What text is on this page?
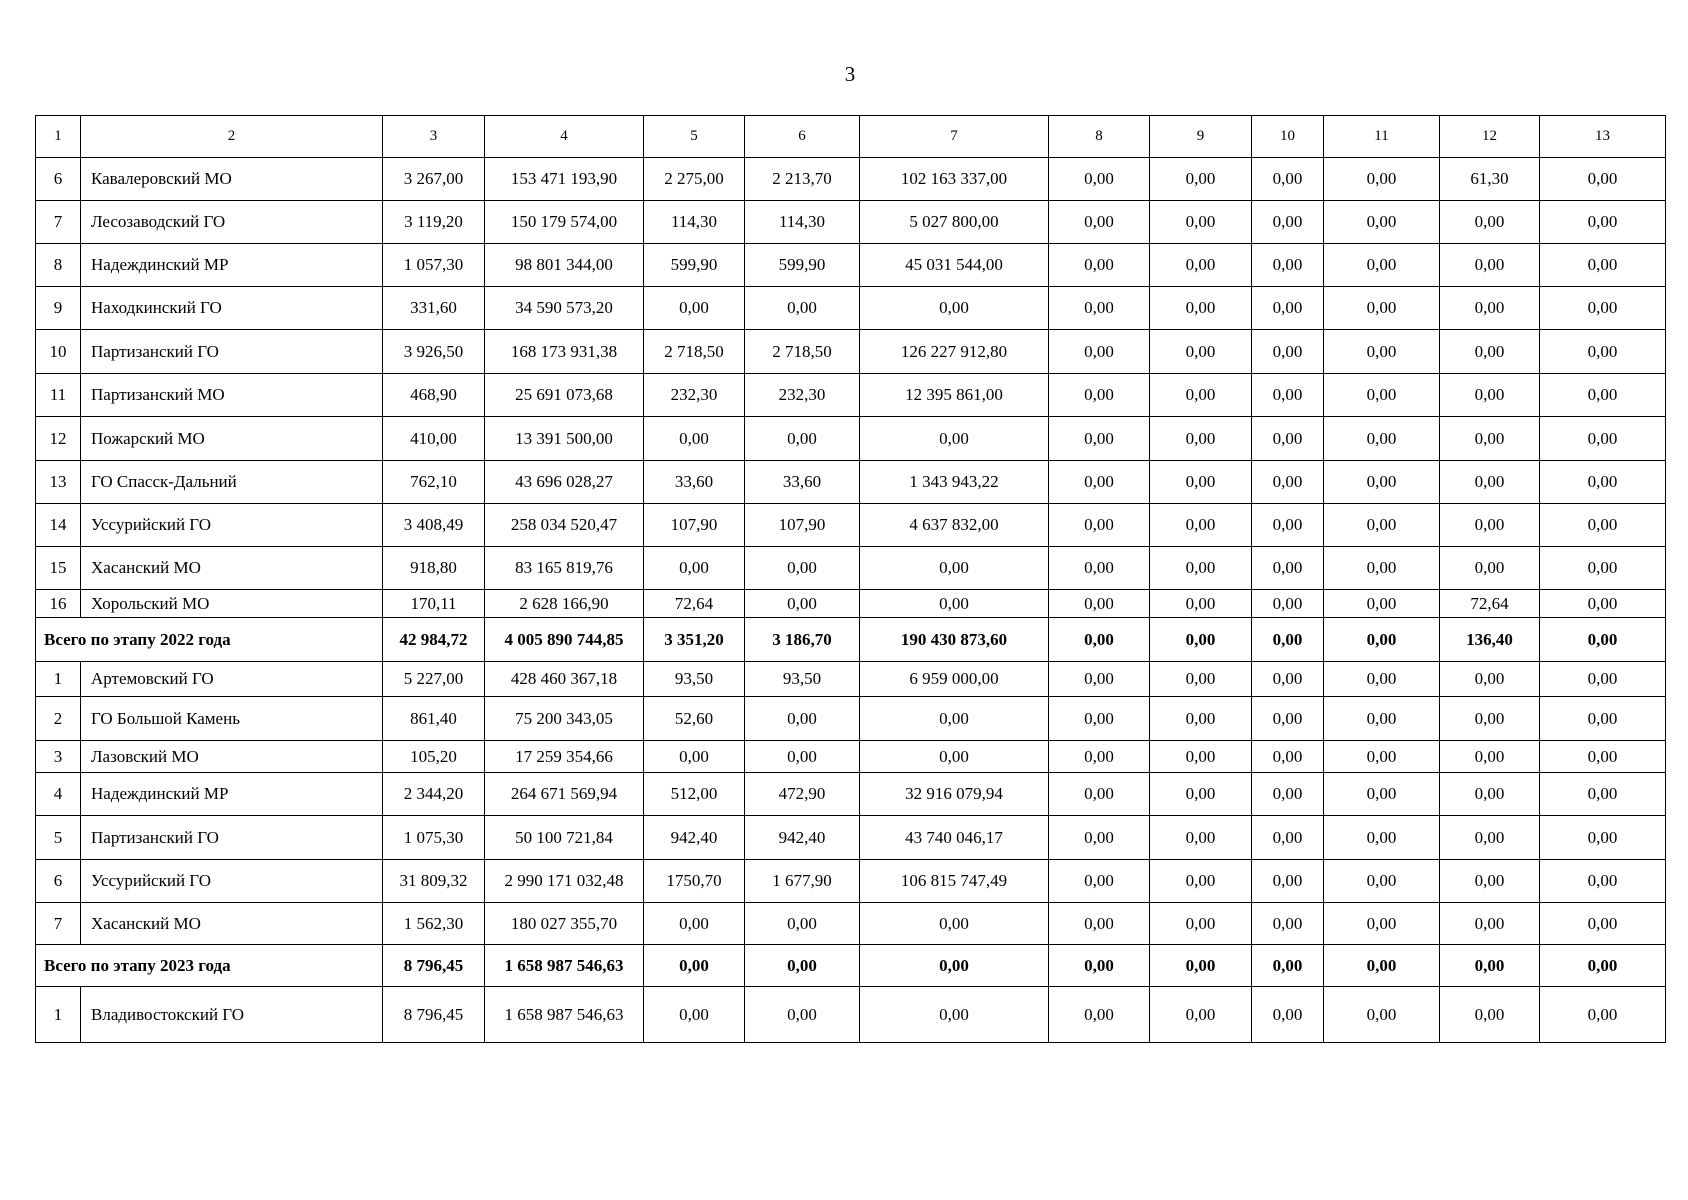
3
1	2	3	4	5	6	7	8	9	10	11	12	13
6	Кавалеровский МО	3 267,00	153 471 193,90	2 275,00	2 213,70	102 163 337,00	0,00	0,00	0,00	0,00	61,30	0,00
7	Лесозаводский ГО	3 119,20	150 179 574,00	114,30	114,30	5 027 800,00	0,00	0,00	0,00	0,00	0,00	0,00
8	Надеждинский МР	1 057,30	98 801 344,00	599,90	599,90	45 031 544,00	0,00	0,00	0,00	0,00	0,00	0,00
9	Находкинский ГО	331,60	34 590 573,20	0,00	0,00	0,00	0,00	0,00	0,00	0,00	0,00	0,00
10	Партизанский ГО	3 926,50	168 173 931,38	2 718,50	2 718,50	126 227 912,80	0,00	0,00	0,00	0,00	0,00	0,00
11	Партизанский МО	468,90	25 691 073,68	232,30	232,30	12 395 861,00	0,00	0,00	0,00	0,00	0,00	0,00
12	Пожарский МО	410,00	13 391 500,00	0,00	0,00	0,00	0,00	0,00	0,00	0,00	0,00	0,00
13	ГО Спасск-Дальний	762,10	43 696 028,27	33,60	33,60	1 343 943,22	0,00	0,00	0,00	0,00	0,00	0,00
14	Уссурийский ГО	3 408,49	258 034 520,47	107,90	107,90	4 637 832,00	0,00	0,00	0,00	0,00	0,00	0,00
15	Хасанский МО	918,80	83 165 819,76	0,00	0,00	0,00	0,00	0,00	0,00	0,00	0,00	0,00
16	Хорольский МО	170,11	2 628 166,90	72,64	0,00	0,00	0,00	0,00	0,00	0,00	72,64	0,00
Всего по этапу 2022 года		42 984,72	4 005 890 744,85	3 351,20	3 186,70	190 430 873,60	0,00	0,00	0,00	0,00	136,40	0,00
1	Артемовский ГО	5 227,00	428 460 367,18	93,50	93,50	6 959 000,00	0,00	0,00	0,00	0,00	0,00	0,00
2	ГО Большой Камень	861,40	75 200 343,05	52,60	0,00	0,00	0,00	0,00	0,00	0,00	0,00	0,00
3	Лазовский МО	105,20	17 259 354,66	0,00	0,00	0,00	0,00	0,00	0,00	0,00	0,00	0,00
4	Надеждинский МР	2 344,20	264 671 569,94	512,00	472,90	32 916 079,94	0,00	0,00	0,00	0,00	0,00	0,00
5	Партизанский ГО	1 075,30	50 100 721,84	942,40	942,40	43 740 046,17	0,00	0,00	0,00	0,00	0,00	0,00
6	Уссурийский ГО	31 809,32	2 990 171 032,48	1750,70	1 677,90	106 815 747,49	0,00	0,00	0,00	0,00	0,00	0,00
7	Хасанский МО	1 562,30	180 027 355,70	0,00	0,00	0,00	0,00	0,00	0,00	0,00	0,00	0,00
Всего по этапу 2023 года		8 796,45	1 658 987 546,63	0,00	0,00	0,00	0,00	0,00	0,00	0,00	0,00	0,00
1	Владивостокский ГО	8 796,45	1 658 987 546,63	0,00	0,00	0,00	0,00	0,00	0,00	0,00	0,00	0,00
